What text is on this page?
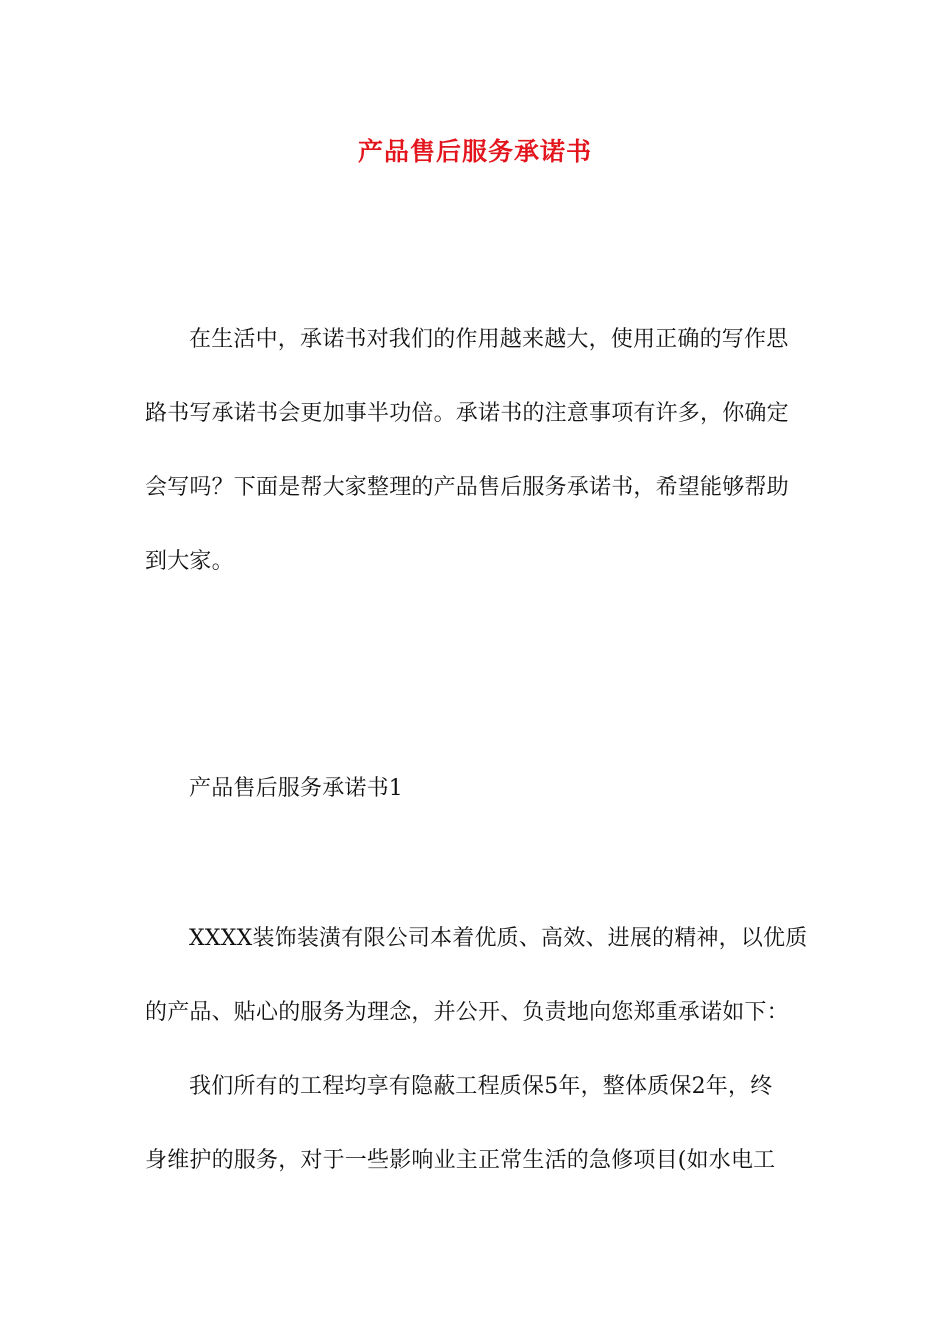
产品售后服务承诺书
在生活中，承诺书对我们的作用越来越大，使用正确的写作思
路书写承诺书会更加事半功倍。承诺书的注意事项有许多，你确定
会写吗？下面是帮大家整理的产品售后服务承诺书，希望能够帮助
到大家。
产品售后服务承诺书1
XXXX装饰装潢有限公司本着优质、高效、进展的精神，以优质
的产品、贴心的服务为理念，并公开、负责地向您郑重承诺如下：
我们所有的工程均享有隐蔽工程质保5年，整体质保2年，终
身维护的服务，对于一些影响业主正常生活的急修项目(如水电工
